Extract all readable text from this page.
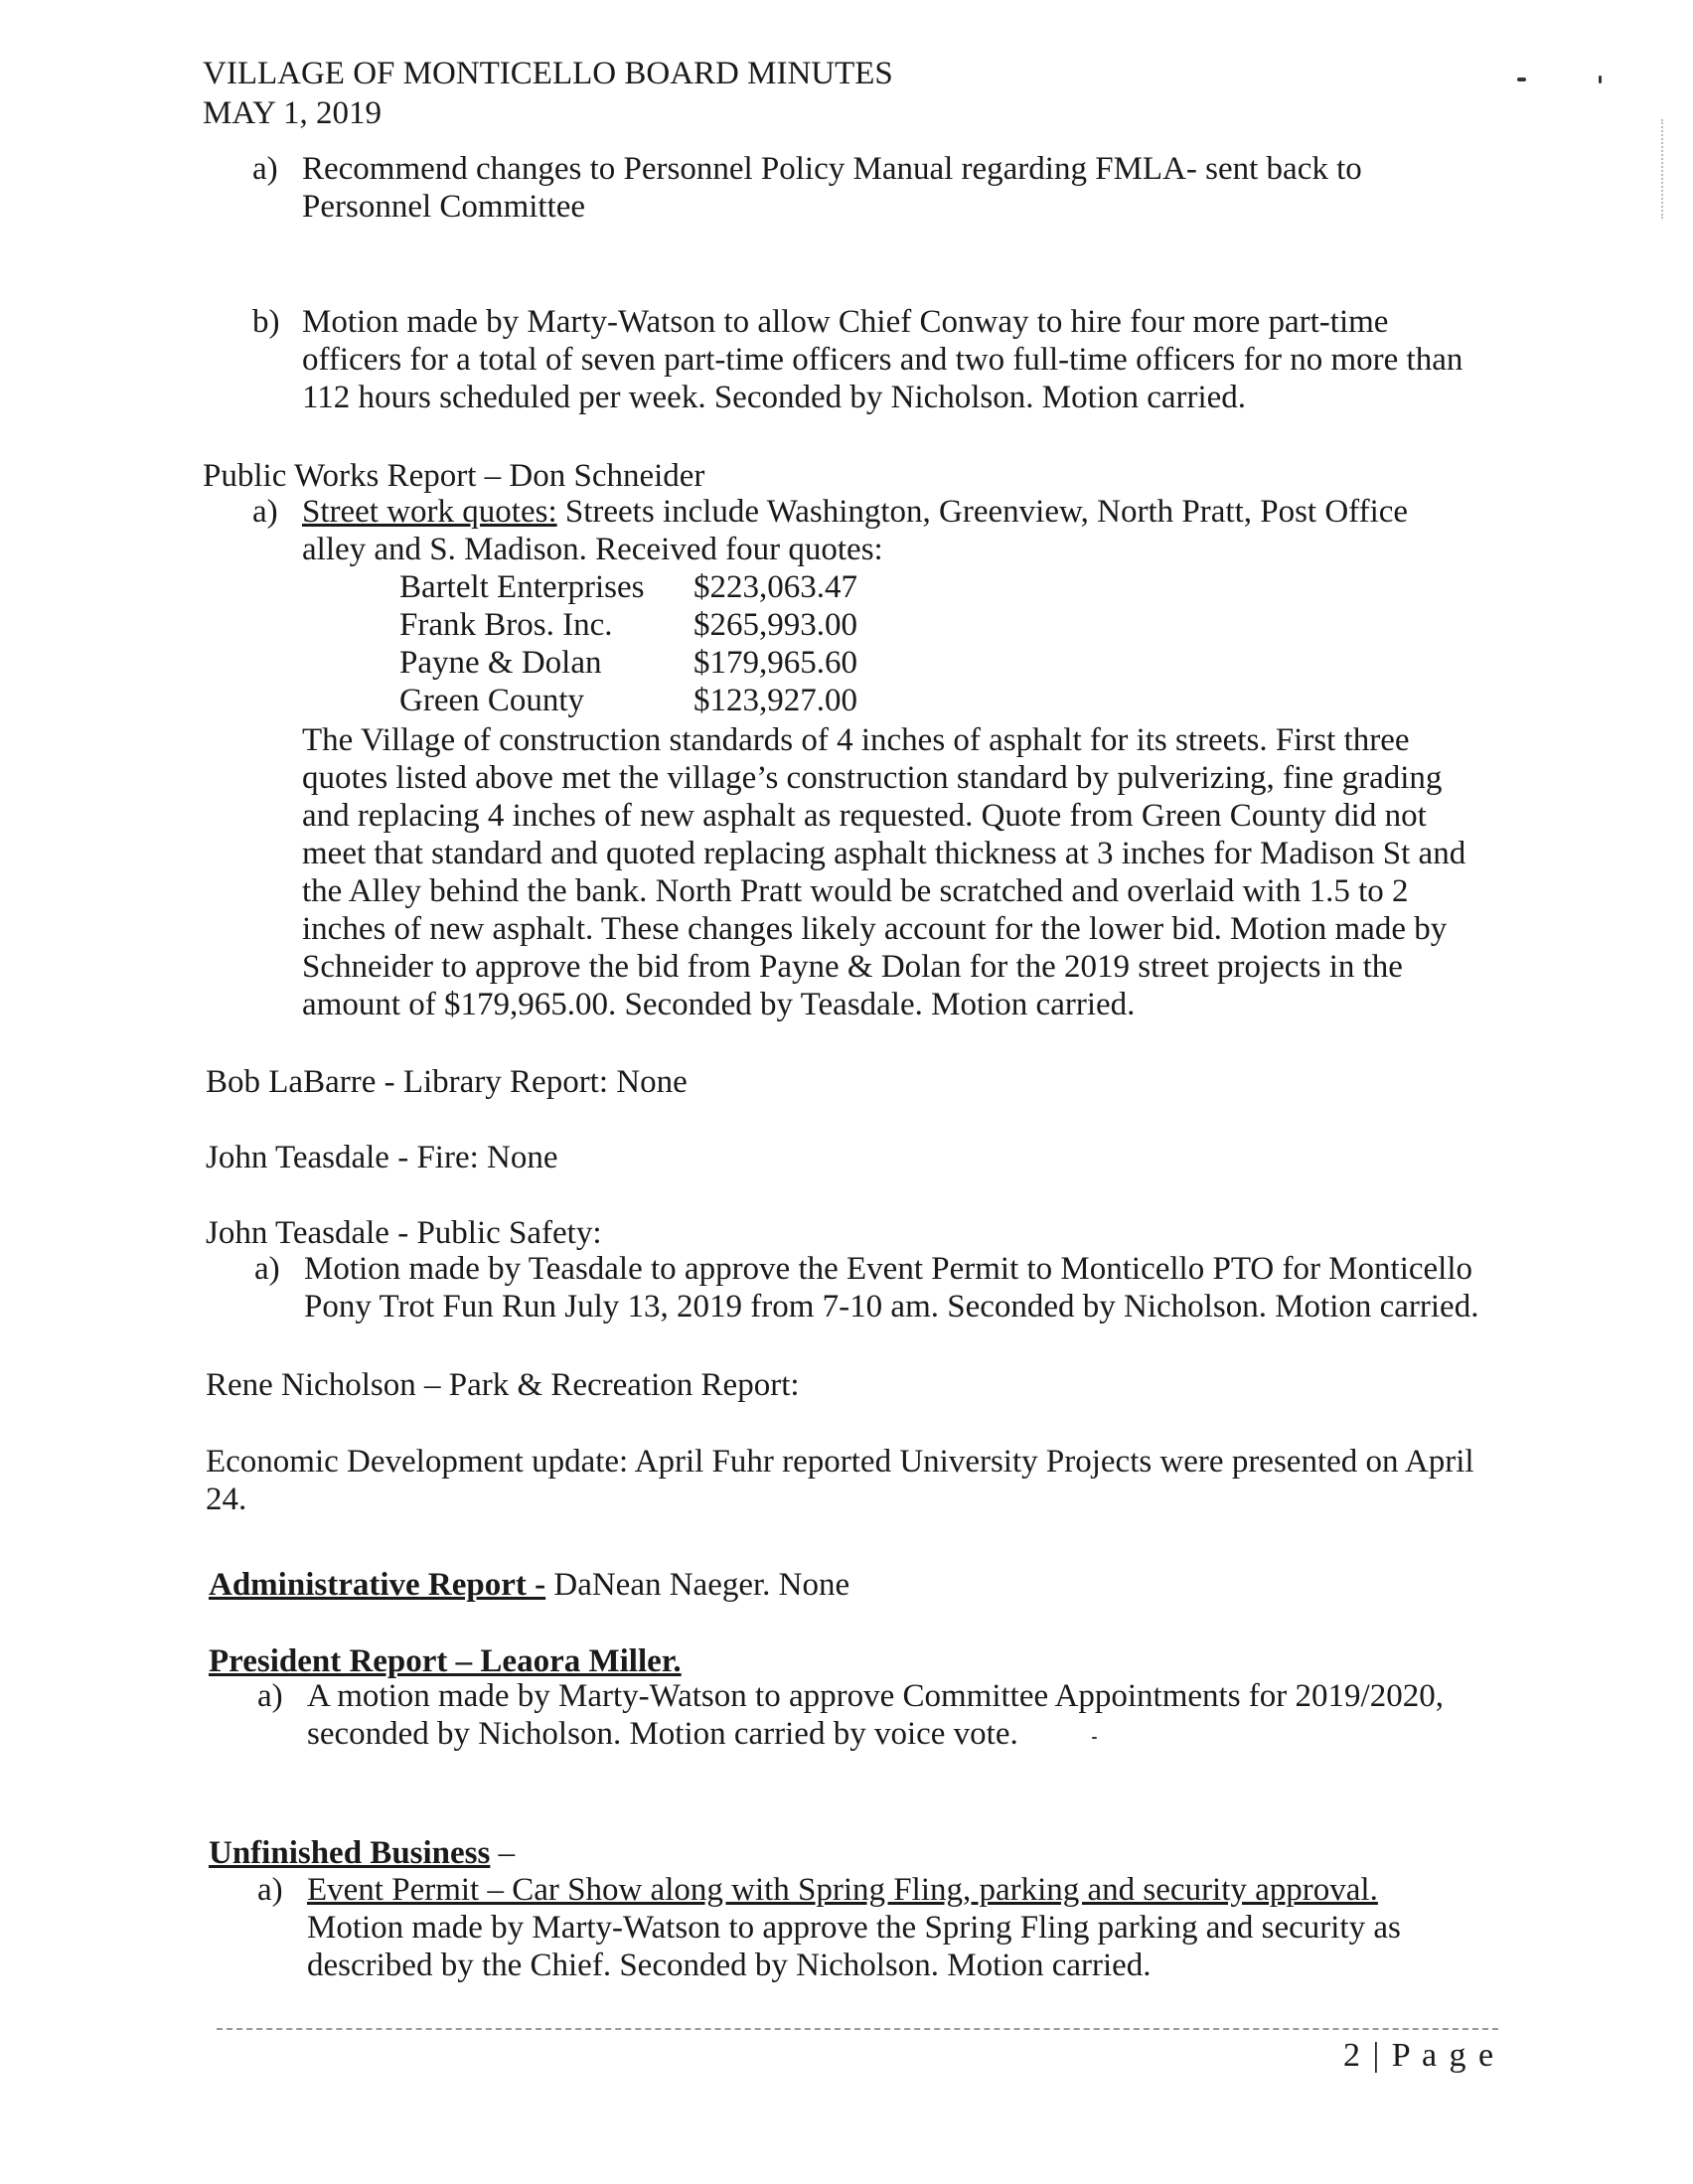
VILLAGE OF MONTICELLO BOARD MINUTES
MAY 1, 2019
a) Recommend changes to Personnel Policy Manual regarding FMLA- sent back to Personnel Committee
b) Motion made by Marty-Watson to allow Chief Conway to hire four more part-time officers for a total of seven part-time officers and two full-time officers for no more than 112 hours scheduled per week. Seconded by Nicholson. Motion carried.
Public Works Report – Don Schneider
a) Street work quotes: Streets include Washington, Greenview, North Pratt, Post Office alley and S. Madison. Received four quotes:
Bartelt Enterprises	$223,063.47
Frank Bros. Inc.	$265,993.00
Payne & Dolan	$179,965.60
Green County	$123,927.00
The Village of construction standards of 4 inches of asphalt for its streets. First three quotes listed above met the village’s construction standard by pulverizing, fine grading and replacing 4 inches of new asphalt as requested. Quote from Green County did not meet that standard and quoted replacing asphalt thickness at 3 inches for Madison St and the Alley behind the bank. North Pratt would be scratched and overlaid with 1.5 to 2 inches of new asphalt. These changes likely account for the lower bid. Motion made by Schneider to approve the bid from Payne & Dolan for the 2019 street projects in the amount of $179,965.00. Seconded by Teasdale. Motion carried.
Bob LaBarre - Library Report: None
John Teasdale - Fire: None
John Teasdale - Public Safety:
a) Motion made by Teasdale to approve the Event Permit to Monticello PTO for Monticello Pony Trot Fun Run July 13, 2019 from 7-10 am. Seconded by Nicholson. Motion carried.
Rene Nicholson – Park & Recreation Report:
Economic Development update: April Fuhr reported University Projects were presented on April 24.
Administrative Report - DaNean Naeger. None
President Report – Leaora Miller.
a) A motion made by Marty-Watson to approve Committee Appointments for 2019/2020, seconded by Nicholson. Motion carried by voice vote.
Unfinished Business –
a) Event Permit – Car Show along with Spring Fling, parking and security approval.
Motion made by Marty-Watson to approve the Spring Fling parking and security as described by the Chief. Seconded by Nicholson. Motion carried.
2 | P a g e
